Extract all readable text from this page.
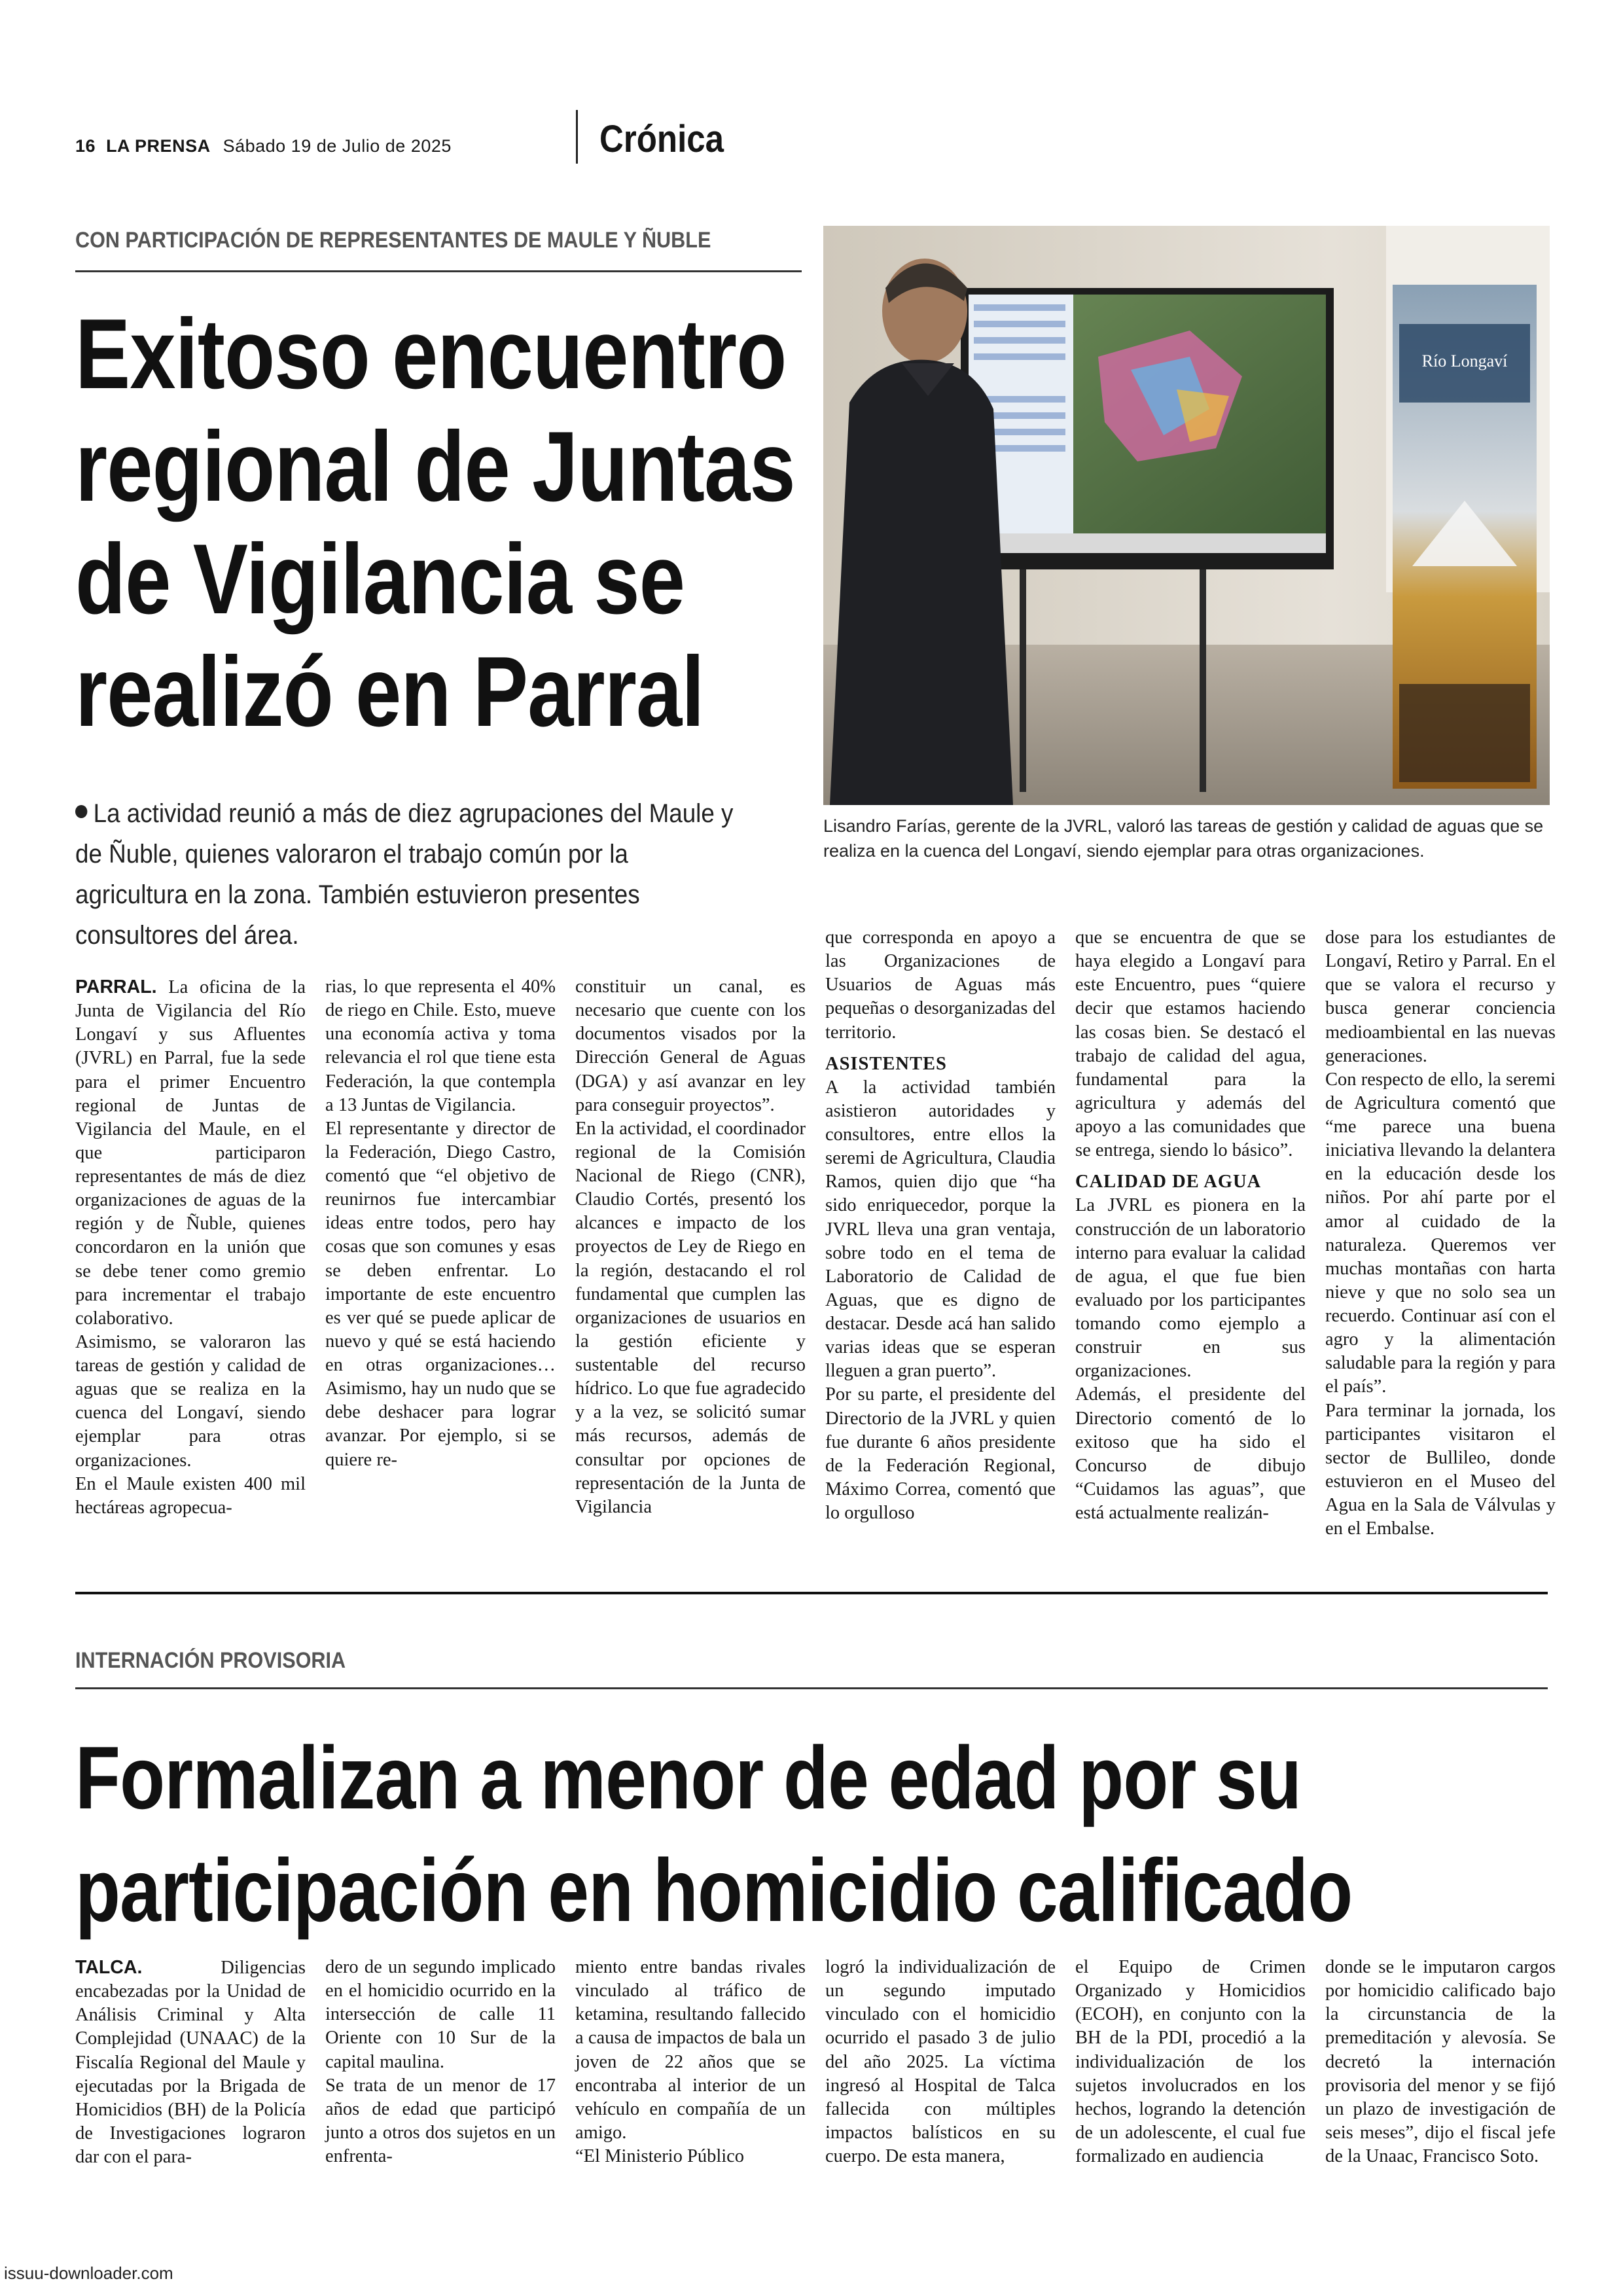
16 LA PRENSA Sábado 19 de Julio de 2025	Crónica
CON PARTICIPACIÓN DE REPRESENTANTES DE MAULE Y ÑUBLE
Exitoso encuentro
regional de Juntas
de Vigilancia se
realizó en Parral
La actividad reunió a más de diez agrupaciones del Maule y de Ñuble, quienes valoraron el trabajo común por la agricultura en la zona. También estuvieron presentes consultores del área.
Río Longaví
Lisandro Farías, gerente de la JVRL, valoró las tareas de gestión y calidad de aguas que se realiza en la cuenca del Longaví, siendo ejemplar para otras organizaciones.
PARRAL. La oficina de la Junta de Vigilancia del Río Longaví y sus Afluentes (JVRL) en Parral, fue la sede para el primer Encuentro regional de Juntas de Vigilancia del Maule, en el que participaron representantes de más de diez organizaciones de aguas de la región y de Ñuble, quienes concordaron en la unión que se debe tener como gremio para incrementar el trabajo colaborativo.
Asimismo, se valoraron las tareas de gestión y calidad de aguas que se realiza en la cuenca del Longaví, siendo ejemplar para otras organizaciones.
En el Maule existen 400 mil hectáreas agropecua-
rias, lo que representa el 40% de riego en Chile. Esto, mueve una economía activa y toma relevancia el rol que tiene esta Federación, la que contempla a 13 Juntas de Vigilancia.
El representante y director de la Federación, Diego Castro, comentó que “el objetivo de reunirnos fue intercambiar ideas entre todos, pero hay cosas que son comunes y esas se deben enfrentar. Lo importante de este encuentro es ver qué se puede aplicar de nuevo y qué se está haciendo en otras organizaciones… Asimismo, hay un nudo que se debe deshacer para lograr avanzar. Por ejemplo, si se quiere re-
constituir un canal, es necesario que cuente con los documentos visados por la Dirección General de Aguas (DGA) y así avanzar en ley para conseguir proyectos”.
En la actividad, el coordinador regional de la Comisión Nacional de Riego (CNR), Claudio Cortés, presentó los alcances e impacto de los proyectos de Ley de Riego en la región, destacando el rol fundamental que cumplen las organizaciones de usuarios en la gestión eficiente y sustentable del recurso hídrico. Lo que fue agradecido y a la vez, se solicitó sumar más recursos, además de consultar por opciones de representación de la Junta de Vigilancia
que corresponda en apoyo a las Organizaciones de Usuarios de Aguas más pequeñas o desorganizadas del territorio.
ASISTENTES
A la actividad también asistieron autoridades y consultores, entre ellos la seremi de Agricultura, Claudia Ramos, quien dijo que “ha sido enriquecedor, porque la JVRL lleva una gran ventaja, sobre todo en el tema de Laboratorio de Calidad de Aguas, que es digno de destacar. Desde acá han salido varias ideas que se esperan lleguen a gran puerto”.
Por su parte, el presidente del Directorio de la JVRL y quien fue durante 6 años presidente de la Federación Regional, Máximo Correa, comentó que lo orgulloso
que se encuentra de que se haya elegido a Longaví para este Encuentro, pues “quiere decir que estamos haciendo las cosas bien. Se destacó el trabajo de calidad del agua, fundamental para la agricultura y además del apoyo a las comunidades que se entrega, siendo lo básico”.
CALIDAD DE AGUA
La JVRL es pionera en la construcción de un laboratorio interno para evaluar la calidad de agua, el que fue bien evaluado por los participantes tomando como ejemplo a construir en sus organizaciones.
Además, el presidente del Directorio comentó de lo exitoso que ha sido el Concurso de dibujo “Cuidamos las aguas”, que está actualmente realizán-
dose para los estudiantes de Longaví, Retiro y Parral. En el que se valora el recurso y busca generar conciencia medioambiental en las nuevas generaciones.
Con respecto de ello, la seremi de Agricultura comentó que “me parece una buena iniciativa llevando la delantera en la educación desde los niños. Por ahí parte por el amor al cuidado de la naturaleza. Queremos ver muchas montañas con harta nieve y que no solo sea un recuerdo. Continuar así con el agro y la alimentación saludable para la región y para el país”.
Para terminar la jornada, los participantes visitaron el sector de Bullileo, donde estuvieron en el Museo del Agua en la Sala de Válvulas y en el Embalse.
INTERNACIÓN PROVISORIA
Formalizan a menor de edad por su
participación en homicidio calificado
TALCA.	Diligencias encabezadas por la Unidad de Análisis Criminal y Alta Complejidad (UNAAC) de la Fiscalía Regional del Maule y ejecutadas por la Brigada de Homicidios (BH) de la Policía de Investigaciones lograron dar con el para-
dero de un segundo implicado en el homicidio ocurrido en la intersección de calle 11 Oriente con 10 Sur de la capital maulina.
Se trata de un menor de 17 años de edad que participó junto a otros dos sujetos en un enfrenta-
miento entre bandas rivales vinculado al tráfico de ketamina, resultando fallecido a causa de impactos de bala un joven de 22 años que se encontraba al interior de un vehículo en compañía de un amigo.
“El Ministerio Público
logró la individualización de un segundo imputado vinculado con el homicidio ocurrido el pasado 3 de julio del año 2025. La víctima ingresó al Hospital de Talca fallecida con múltiples impactos balísticos en su cuerpo. De esta manera,
el Equipo de Crimen Organizado y Homicidios (ECOH), en conjunto con la BH de la PDI, procedió a la individualización de los sujetos involucrados en los hechos, logrando la detención de un adolescente, el cual fue formalizado en audiencia
donde se le imputaron cargos por homicidio calificado bajo la circunstancia de la premeditación y alevosía. Se decretó la internación provisoria del menor y se fijó un plazo de investigación de seis meses”, dijo el fiscal jefe de la Unaac, Francisco Soto.
issuu-downloader.com
